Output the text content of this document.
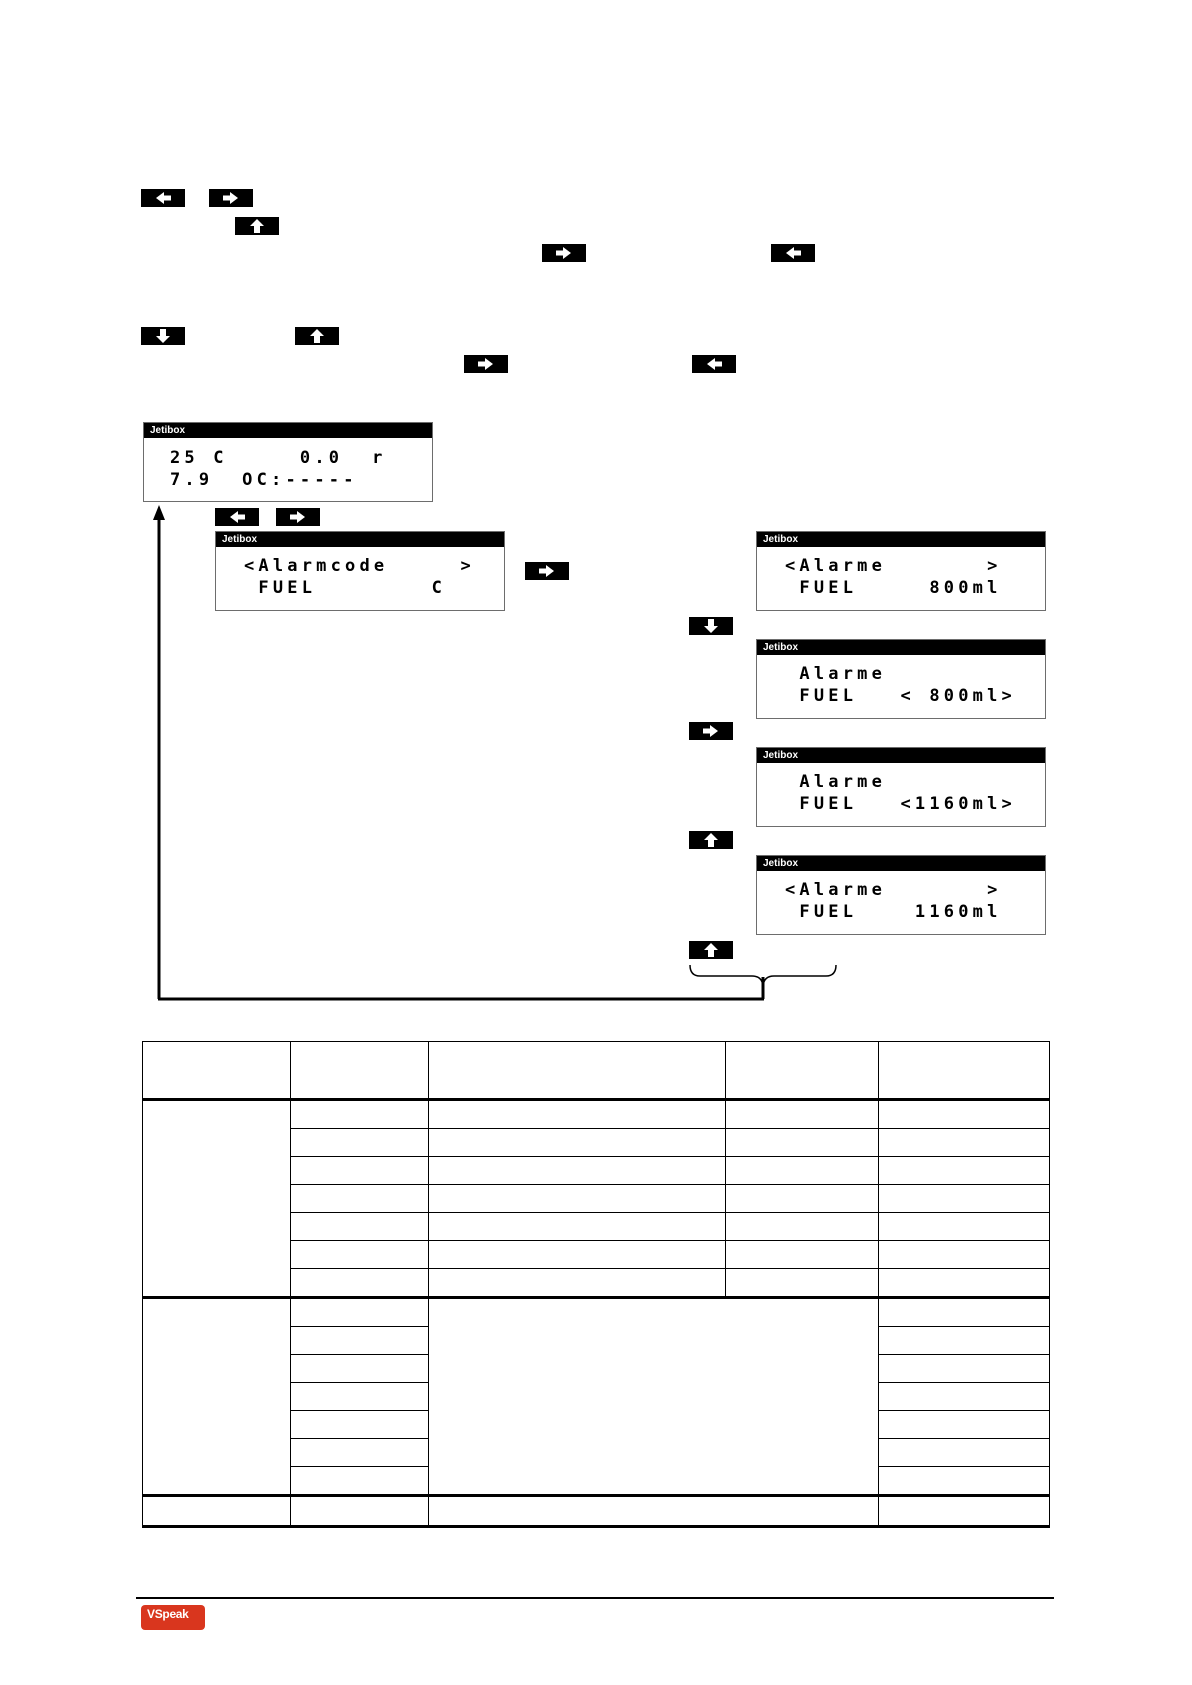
Jetibox
25 C     0.0  r
7.9  OC:-----
Jetibox
<Alarmcode     >
FUEL        C
Jetibox
<Alarme       >
FUEL     800ml
Jetibox
Alarme
FUEL   < 800ml>
Jetibox
Alarme
FUEL   <1160ml>
Jetibox
<Alarme       >
FUEL    1160ml

VSpeak
